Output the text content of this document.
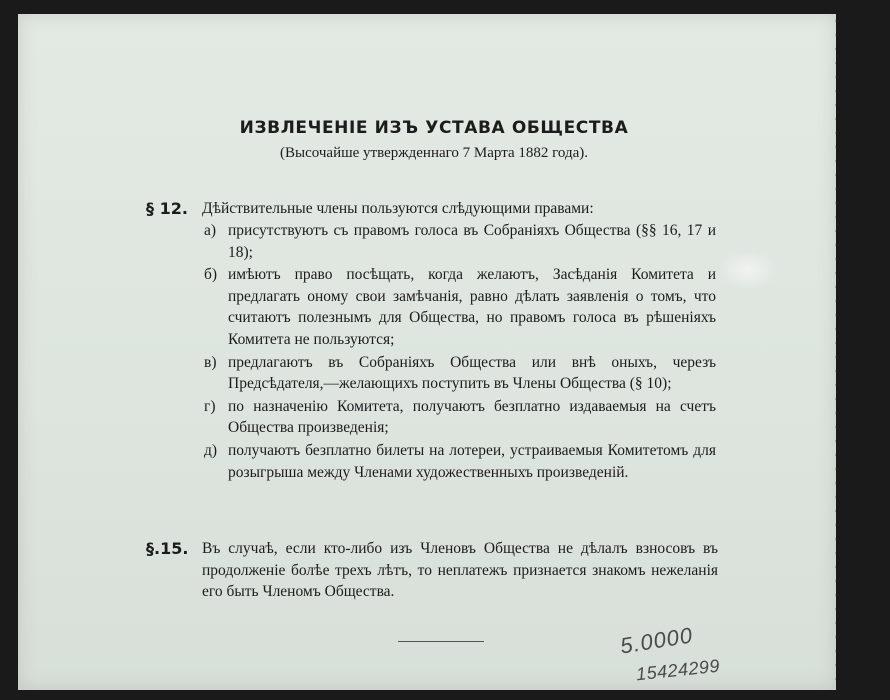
ИЗВЛЕЧЕНІЕ ИЗЪ УСТАВА ОБЩЕСТВА
(Высочайше утвержденнаго 7 Марта 1882 года).
§ 12. Дѣйствительные члены пользуются слѣдующими правами:
а) присутствуютъ съ правомъ голоса въ Собраніяхъ Общества (§§ 16, 17 и 18);
б) имѣютъ право посѣщать, когда желаютъ, Засѣданія Комитета и предлагать оному свои замѣчанія, равно дѣлать заявленія о томъ, что считаютъ полезнымъ для Общества, но правомъ голоса въ рѣшеніяхъ Комитета не пользуются;
в) предлагаютъ въ Собраніяхъ Общества или внѣ оныхъ, черезъ Предсѣдателя,—желающихъ поступить въ Члены Общества (§ 10);
г) по назначенію Комитета, получаютъ безплатно издаваемыя на счетъ Общества произведенія;
д) получаютъ безплатно билеты на лотереи, устраиваемыя Комитетомъ для розыгрыша между Членами художественныхъ произведеній.
§.15. Въ случаѣ, если кто-либо изъ Членовъ Общества не дѣлалъ взносовъ въ продолженіе болѣе трехъ лѣтъ, то неплатежъ признается знакомъ нежеланія его быть Членомъ Общества.
5.0000
15424299
